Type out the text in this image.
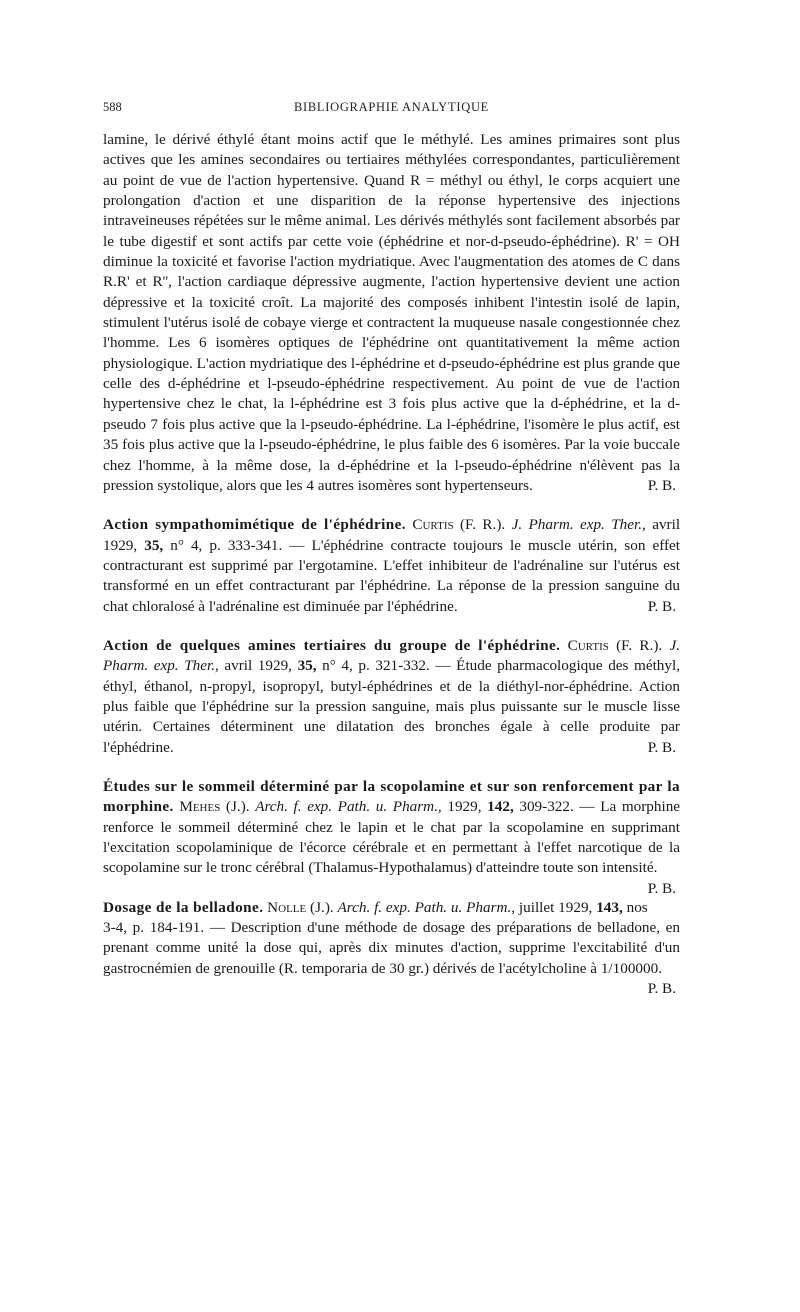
588	BIBLIOGRAPHIE ANALYTIQUE

lamine, le dérivé éthylé étant moins actif que le méthylé. Les amines primaires sont plus actives que les amines secondaires ou tertiaires méthylées correspondantes, particulièrement au point de vue de l'action hypertensive. Quand R = méthyl ou éthyl, le corps acquiert une prolongation d'action et une disparition de la réponse hypertensive des injections intraveineuses répétées sur le même animal. Les dérivés méthylés sont facilement absorbés par le tube digestif et sont actifs par cette voie (éphédrine et nor-d-pseudo-éphédrine). R' = OH diminue la toxicité et favorise l'action mydriatique. Avec l'augmentation des atomes de C dans R.R' et R'', l'action cardiaque dépressive augmente, l'action hypertensive devient une action dépressive et la toxicité croît. La majorité des composés inhibent l'intestin isolé de lapin, stimulent l'utérus isolé de cobaye vierge et contractent la muqueuse nasale congestionnée chez l'homme. Les 6 isomères optiques de l'éphédrine ont quantitativement la même action physiologique. L'action mydriatique des l-éphédrine et d-pseudo-éphédrine est plus grande que celle des d-éphédrine et l-pseudo-éphédrine respectivement. Au point de vue de l'action hypertensive chez le chat, la l-éphédrine est 3 fois plus active que la d-éphédrine, et la d-pseudo 7 fois plus active que la l-pseudo-éphédrine. La l-éphédrine, l'isomère le plus actif, est 35 fois plus active que la l-pseudo-éphédrine, le plus faible des 6 isomères. Par la voie buccale chez l'homme, à la même dose, la d-éphédrine et la l-pseudo-éphédrine n'élèvent pas la pression systolique, alors que les 4 autres isomères sont hypertenseurs.	P. B.

Action sympathomimétique de l'éphédrine. Curtis (F. R.). J. Pharm. exp. Ther., avril 1929, 35, n° 4, p. 333-341. — L'éphédrine contracte toujours le muscle utérin, son effet contracturant est supprimé par l'ergotamine. L'effet inhibiteur de l'adrénaline sur l'utérus est transformé en un effet contracturant par l'éphédrine. La réponse de la pression sanguine du chat chloralosé à l'adrénaline est diminuée par l'éphédrine.	P. B.

Action de quelques amines tertiaires du groupe de l'éphédrine. Curtis (F. R.). J. Pharm. exp. Ther., avril 1929, 35, n° 4, p. 321-332. — Étude pharmacologique des méthyl, éthyl, éthanol, n-propyl, isopropyl, butyl-éphédrines et de la diéthyl-nor-éphédrine. Action plus faible que l'éphédrine sur la pression sanguine, mais plus puissante sur le muscle lisse utérin. Certaines déterminent une dilatation des bronches égale à celle produite par l'éphédrine.	P. B.

Études sur le sommeil déterminé par la scopolamine et sur son renforcement par la morphine. Mehes (J.). Arch. f. exp. Path. u. Pharm., 1929, 142, 309-322. — La morphine renforce le sommeil déterminé chez le lapin et le chat par la scopolamine en supprimant l'excitation scopolaminique de l'écorce cérébrale et en permettant à l'effet narcotique de la scopolamine sur le tronc cérébral (Thalamus-Hypothalamus) d'atteindre toute son intensité.
P. B.

Dosage de la belladone. Nolle (J.). Arch. f. exp. Path. u. Pharm., juillet 1929, 143, nos 3-4, p. 184-191. — Description d'une méthode de dosage des préparations de belladone, en prenant comme unité la dose qui, après dix minutes d'action, supprime l'excitabilité d'un gastrocnémien de grenouille (R. temporaria de 30 gr.) dérivés de l'acétylcholine à 1/100000.
P. B.
